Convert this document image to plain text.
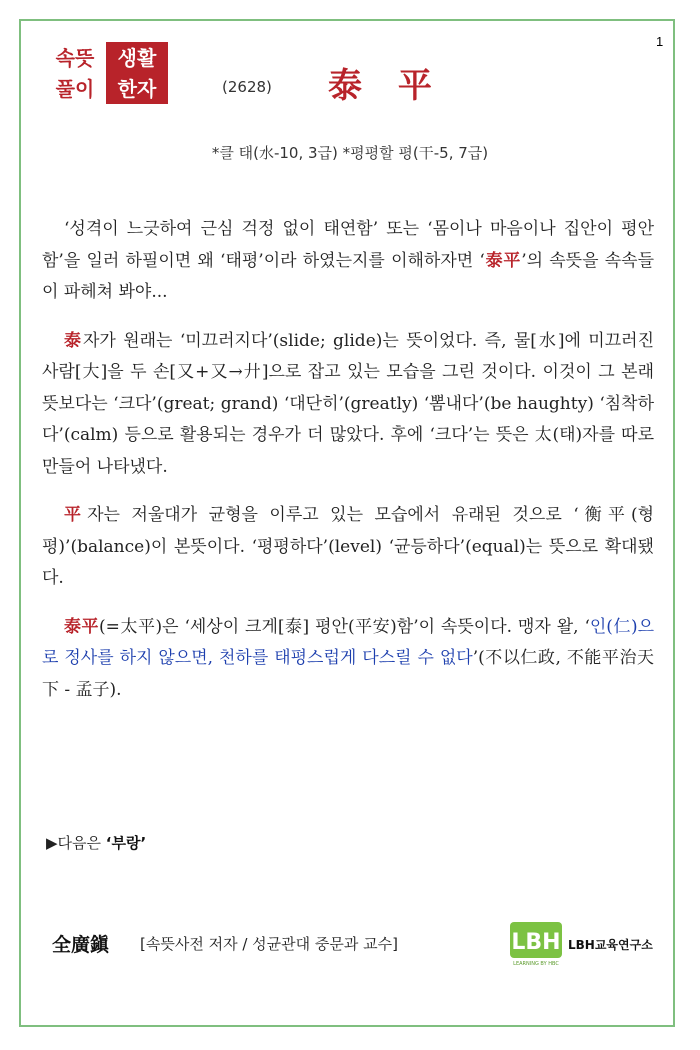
1
속뜻	생활
풀이	한자	(2628) 泰 平
*클 태(水-10, 3급) *평평할 평(干-5, 7급)

‘성격이 느긋하여 근심 걱정 없이 태연함’ 또는 ‘몸이나 마음이나 집안이 평안함’을 일러 하필이면 왜 ‘태평’이라 하였는지를 이해하자면 ‘泰平’의 속뜻을 속속들이 파헤쳐 봐야...

泰자가 원래는 ‘미끄러지다’(slide; glide)는 뜻이었다. 즉, 물[水]에 미끄러진 사람[大]을 두 손[又+又→廾]으로 잡고 있는 모습을 그린 것이다. 이것이 그 본래 뜻보다는 ‘크다’(great; grand) ‘대단히’(greatly) ‘뽐내다’(be haughty) ‘침착하다’(calm) 등으로 활용되는 경우가 더 많았다. 후에 ‘크다’는 뜻은 太(태)자를 따로 만들어 나타냈다.

平자는 저울대가 균형을 이루고 있는 모습에서 유래된 것으로 ‘衡平(형평)’(balance)이 본뜻이다. ‘평평하다’(level) ‘균등하다’(equal)는 뜻으로 확대됐다.

泰平(=太平)은 ‘세상이 크게[泰] 평안(平安)함’이 속뜻이다. 맹자 왈, ‘인(仁)으로 정사를 하지 않으면, 천하를 태평스럽게 다스릴 수 없다’(不以仁政, 不能平治天下 - 孟子).

▶다음은 ‘부랑’
全廣鎭 [속뜻사전 저자 / 성균관대 중문과 교수]	LBH
LEARNING BY HBC
LBH교육연구소
